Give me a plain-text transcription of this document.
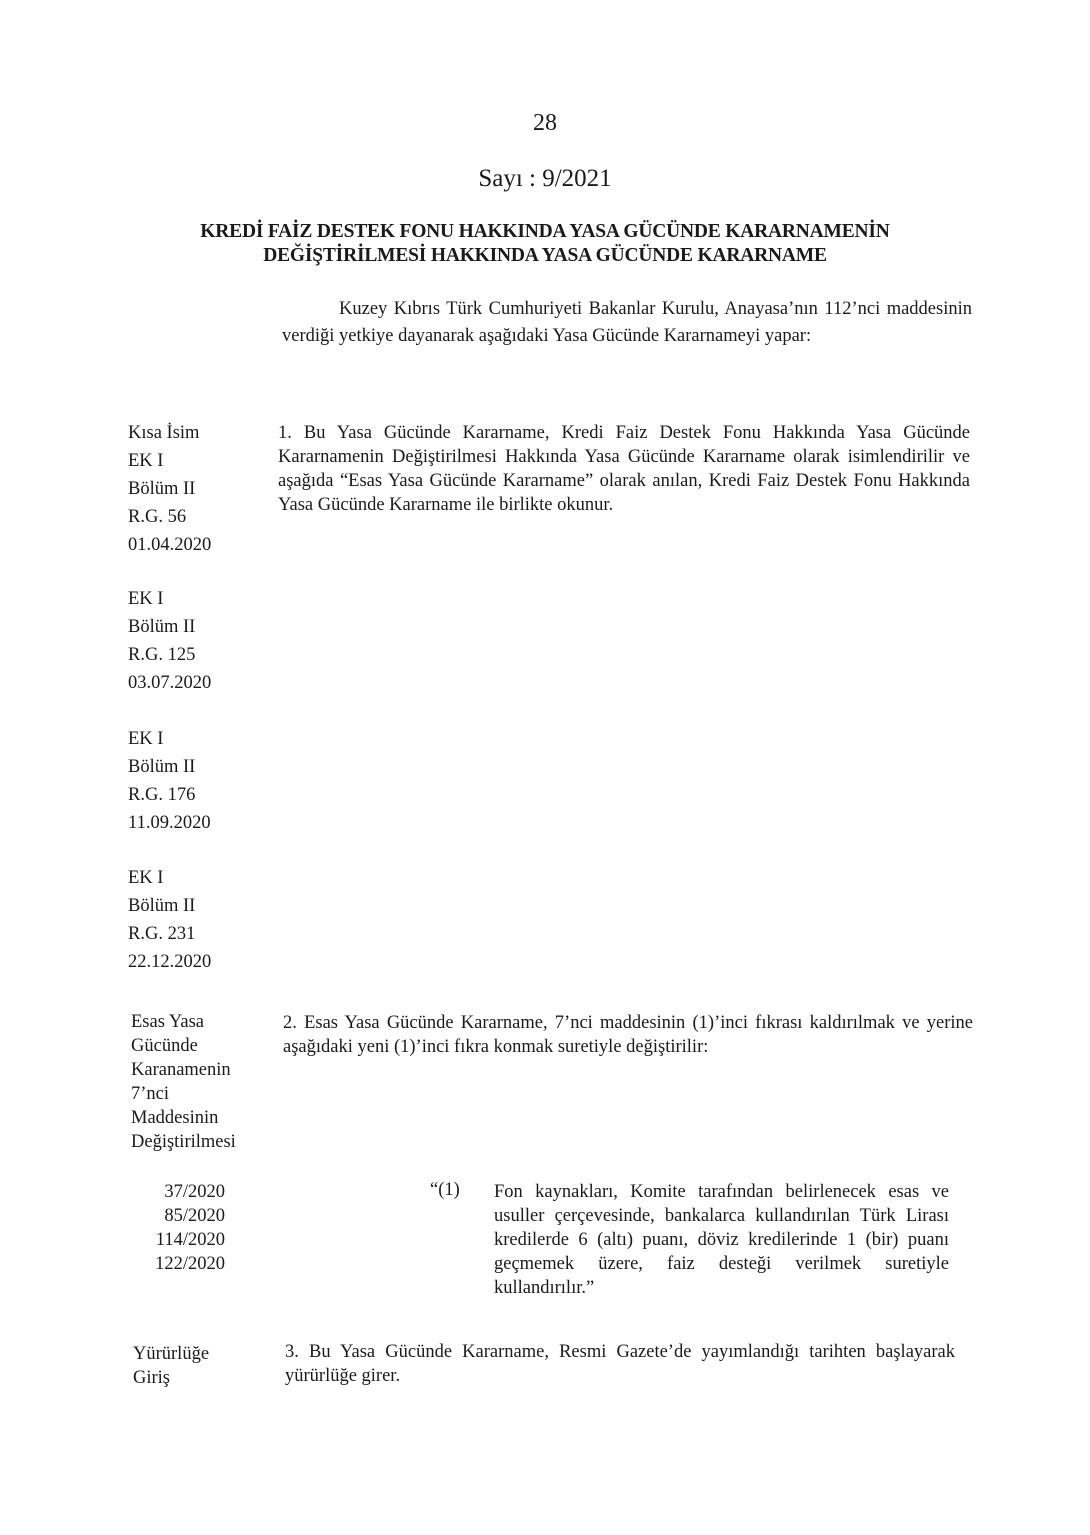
28
Sayı : 9/2021
KREDİ FAİZ DESTEK FONU HAKKINDA YASA GÜCÜNDE KARARNAMENİN
DEĞİŞTİRİLMESİ HAKKINDA YASA GÜCÜNDE KARARNAME
Kuzey Kıbrıs Türk Cumhuriyeti Bakanlar Kurulu, Anayasa’nın 112’nci maddesinin verdiği yetkiye dayanarak aşağıdaki Yasa Gücünde Kararnameyi yapar:
Kısa İsim
EK I
Bölüm II
R.G. 56
01.04.2020
EK I
Bölüm II
R.G. 125
03.07.2020
EK I
Bölüm II
R.G. 176
11.09.2020
EK I
Bölüm II
R.G. 231
22.12.2020
1. Bu Yasa Gücünde Kararname, Kredi Faiz Destek Fonu Hakkında Yasa Gücünde Kararnamenin Değiştirilmesi Hakkında Yasa Gücünde Kararname olarak isimlendirilir ve aşağıda “Esas Yasa Gücünde Kararname” olarak anılan, Kredi Faiz Destek Fonu Hakkında Yasa Gücünde Kararname ile birlikte okunur.
Esas Yasa
Gücünde
Karanamenin
7’nci
Maddesinin
Değiştirilmesi
2. Esas Yasa Gücünde Kararname, 7’nci maddesinin (1)’inci fıkrası kaldırılmak ve yerine aşağıdaki yeni (1)’inci fıkra konmak suretiyle değiştirilir:
37/2020
85/2020
114/2020
122/2020
“(1) Fon kaynakları, Komite tarafından belirlenecek esas ve usuller çerçevesinde, bankalarca kullandırılan Türk Lirası kredilerde 6 (altı) puanı, döviz kredilerinde 1 (bir) puanı geçmemek üzere, faiz desteği verilmek suretiyle kullandırılır.”
Yürürlüğe
Giriş
3. Bu Yasa Gücünde Kararname, Resmi Gazete’de yayımlandığı tarihten başlayarak yürürlüğe girer.
